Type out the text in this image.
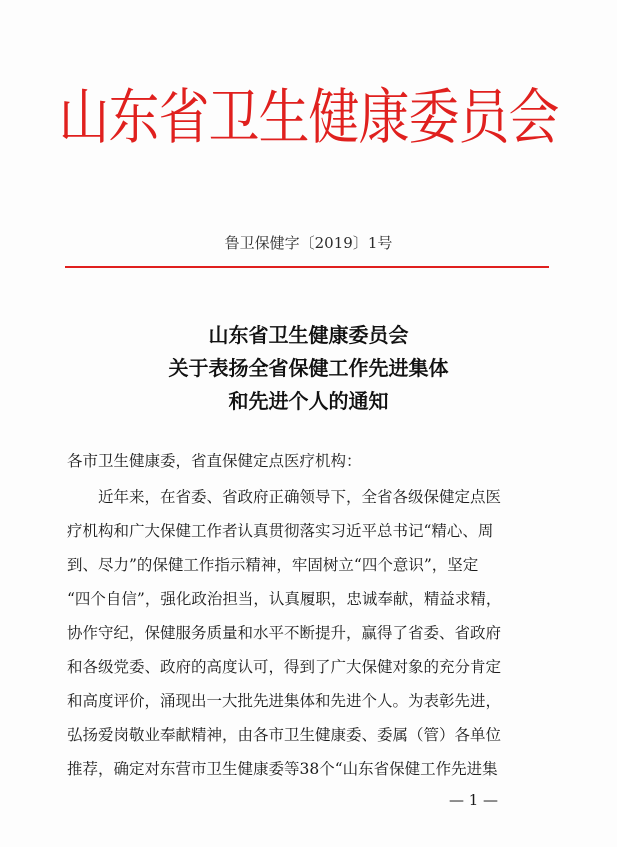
山东省卫生健康委员会
鲁卫保健字〔2019〕1号
山东省卫生健康委员会
关于表扬全省保健工作先进集体
和先进个人的通知
各市卫生健康委，省直保健定点医疗机构：
近年来，在省委、省政府正确领导下，全省各级保健定点医
疗机构和广大保健工作者认真贯彻落实习近平总书记“精心、周
到、尽力”的保健工作指示精神，牢固树立“四个意识”，坚定
“四个自信”，强化政治担当，认真履职，忠诚奉献，精益求精，
协作守纪，保健服务质量和水平不断提升，赢得了省委、省政府
和各级党委、政府的高度认可，得到了广大保健对象的充分肯定
和高度评价，涌现出一大批先进集体和先进个人。为表彰先进，
弘扬爱岗敬业奉献精神，由各市卫生健康委、委属（管）各单位
推荐，确定对东营市卫生健康委等38个“山东省保健工作先进集
— 1 —
